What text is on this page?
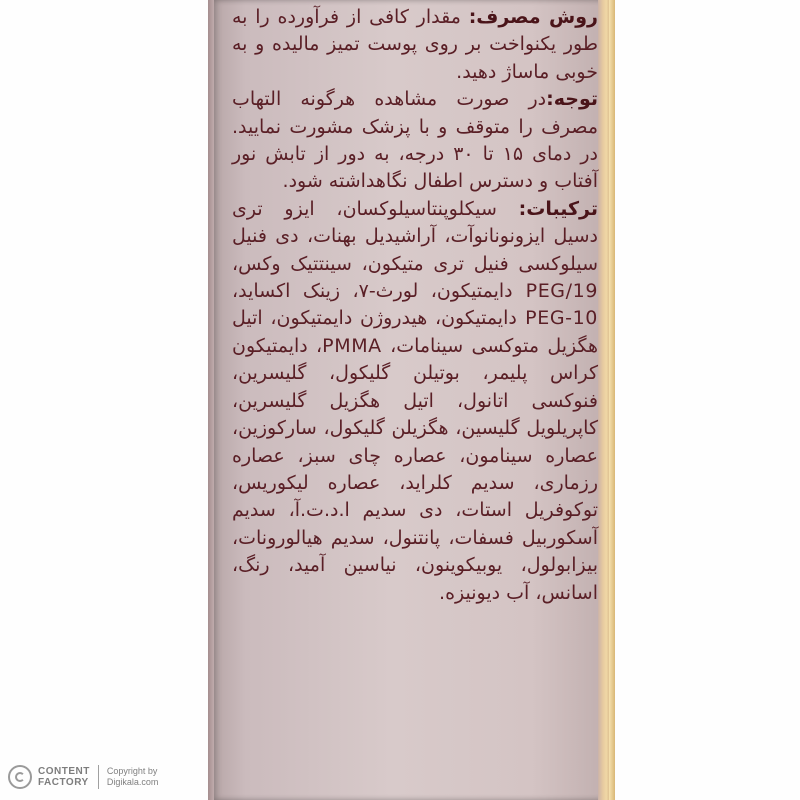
روش مصرف: مقدار کافی از فرآورده را به طور یکنواخت بر روی پوست تمیز مالیده و به خوبی ماساژ دهید.

توجه:در صورت مشاهده هرگونه التهاب مصرف را متوقف و با پزشک مشورت نمایید. در دمای ۱۵ تا ۳۰ درجه، به دور از تابش نور آفتاب و دسترس اطفال نگاهداشته شود.

ترکیبات: سیکلوپنتاسیلوکسان، ایزو تری دسیل ایزونونانوآت، آراشیدیل بهنات، دی فنیل سیلوکسی فنیل تری متیکون، سینتتیک وکس، PEG/19 دایمتیکون، لورث-۷، زینک اکساید، PEG-10 دایمتیکون، هیدروژن دایمتیکون، اتیل هگزیل متوکسی سینامات، PMMA، دایمتیکون کراس پلیمر، بوتیلن گلیکول، گلیسرین، فنوکسی اتانول، اتیل هگزیل گلیسرین، کاپریلویل گلیسین، هگزیلن گلیکول، سارکوزین، عصاره سینامون، عصاره چای سبز، عصاره رزماری، سدیم کلراید، عصاره لیکوریس، توکوفریل استات، دی سدیم ا.د.ت.آ، سدیم آسکوربیل فسفات، پانتنول، سدیم هیالورونات، بیزابولول، یوبیکوینون، نیاسین آمید، رنگ، اسانس، آب دیونیزه.

CONTENT
FACTORY
Copyright by
Digikala.com
